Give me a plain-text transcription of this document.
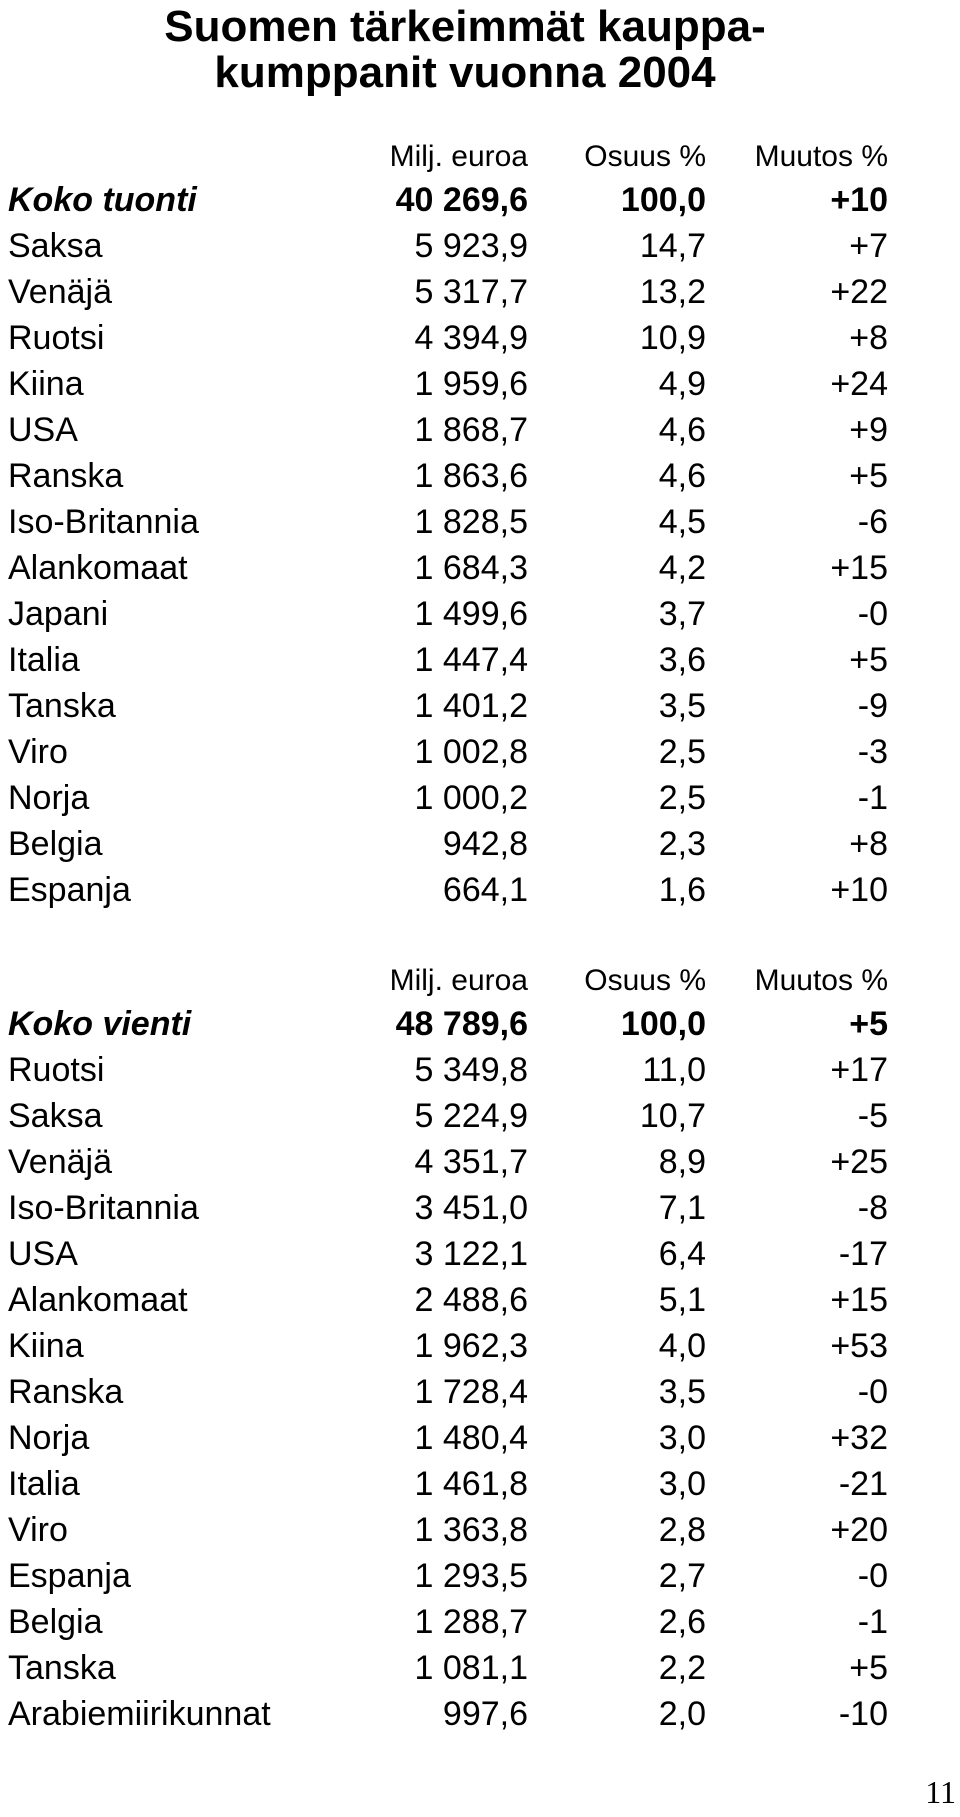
Suomen tärkeimmät kauppa-
kumppanit vuonna 2004
	Milj. euroa	Osuus %	Muutos %
Koko tuonti	40 269,6	100,0	+10
Saksa	5 923,9	14,7	+7
Venäjä	5 317,7	13,2	+22
Ruotsi	4 394,9	10,9	+8
Kiina	1 959,6	4,9	+24
USA	1 868,7	4,6	+9
Ranska	1 863,6	4,6	+5
Iso-Britannia	1 828,5	4,5	-6
Alankomaat	1 684,3	4,2	+15
Japani	1 499,6	3,7	-0
Italia	1 447,4	3,6	+5
Tanska	1 401,2	3,5	-9
Viro	1 002,8	2,5	-3
Norja	1 000,2	2,5	-1
Belgia	942,8	2,3	+8
Espanja	664,1	1,6	+10
	Milj. euroa	Osuus %	Muutos %
Koko vienti	48 789,6	100,0	+5
Ruotsi	5 349,8	11,0	+17
Saksa	5 224,9	10,7	-5
Venäjä	4 351,7	8,9	+25
Iso-Britannia	3 451,0	7,1	-8
USA	3 122,1	6,4	-17
Alankomaat	2 488,6	5,1	+15
Kiina	1 962,3	4,0	+53
Ranska	1 728,4	3,5	-0
Norja	1 480,4	3,0	+32
Italia	1 461,8	3,0	-21
Viro	1 363,8	2,8	+20
Espanja	1 293,5	2,7	-0
Belgia	1 288,7	2,6	-1
Tanska	1 081,1	2,2	+5
Arabiemiirikunnat	997,6	2,0	-10
11
